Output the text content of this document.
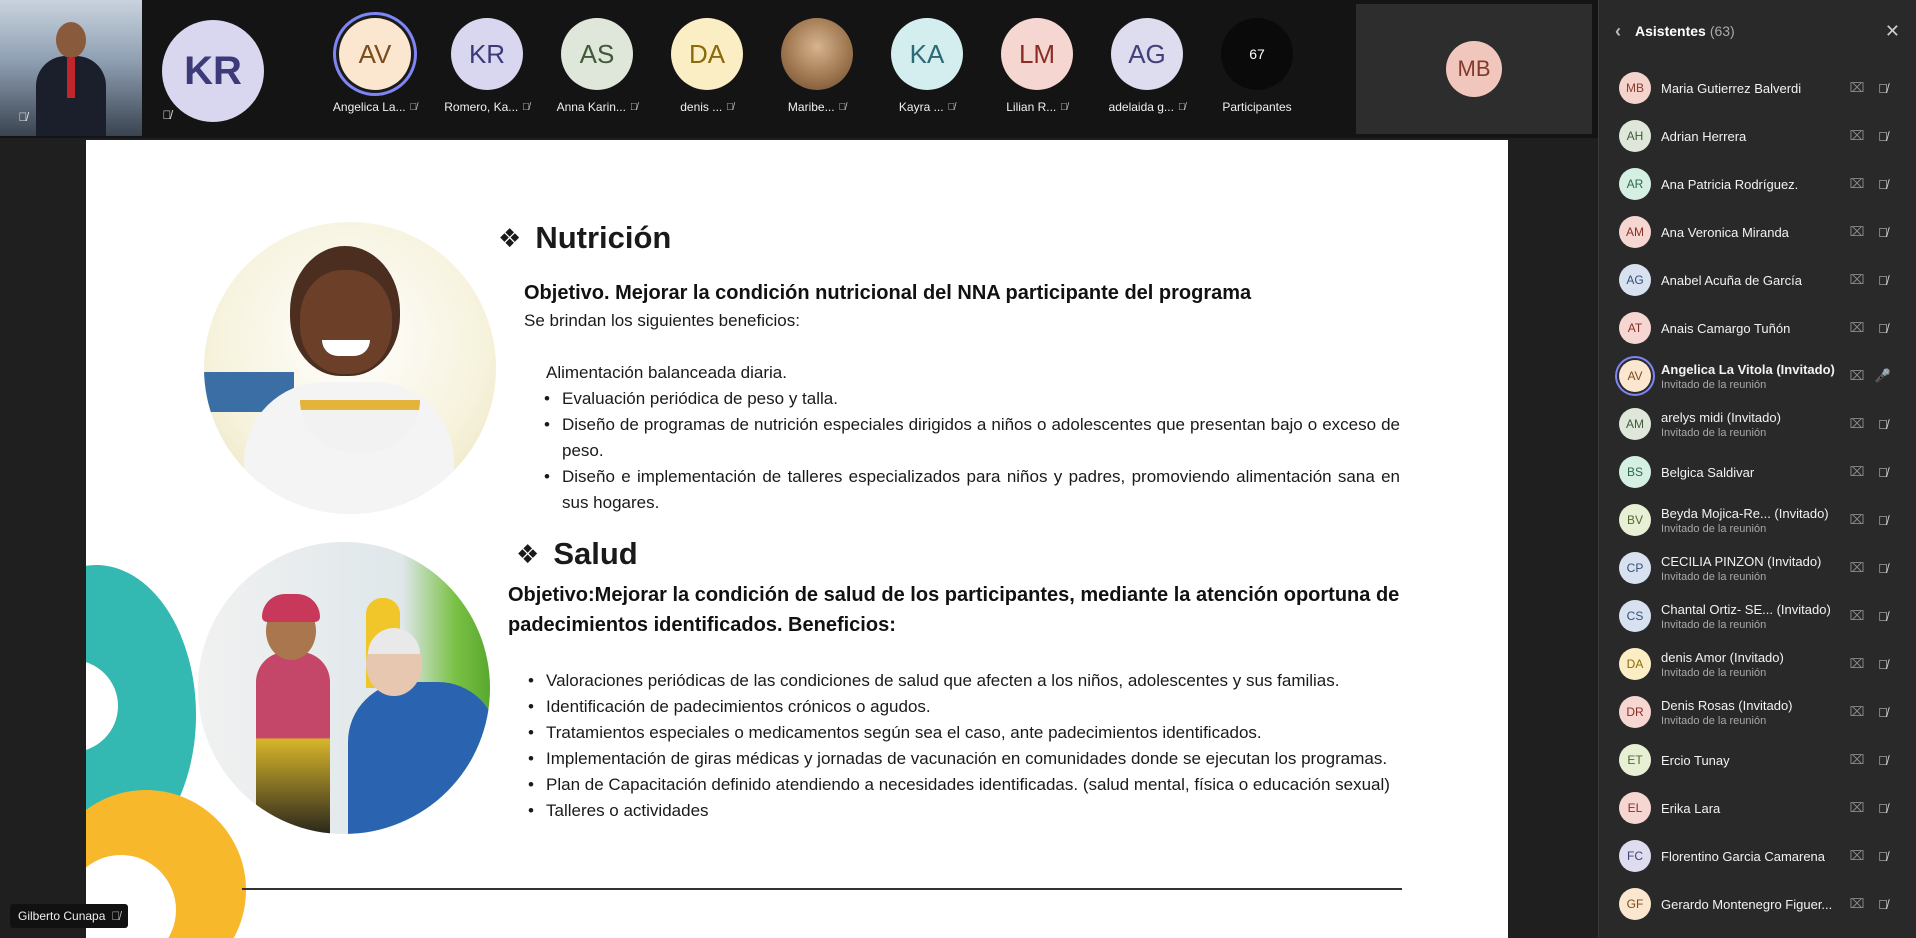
🎙̸
KR
🎙̸
AV
Angelica La... 🎙̸
KR
Romero, Ka... 🎙̸
AS
Anna Karin... 🎙̸
DA
denis ... 🎙̸	Maribe... 🎙̸
KA
Kayra ... 🎙̸
LM
Lilian R... 🎙̸
AG
adelaida g... 🎙̸
67
Participantes
MB
❖ Nutrición
Objetivo. Mejorar la condición nutricional del NNA participante del programa
Se brindan los siguientes beneficios:
Alimentación balanceada diaria.
• Evaluación periódica de peso y talla.
• Diseño de programas de nutrición especiales dirigidos a niños o adolescentes que presentan bajo o exceso de peso.
• Diseño e implementación de talleres especializados para niños y padres, promoviendo alimentación sana en sus hogares.
❖ Salud
Objetivo:Mejorar la condición de salud de los participantes, mediante la atención oportuna de padecimientos identificados. Beneficios:
• Valoraciones periódicas de las condiciones de salud que afecten a los niños, adolescentes y sus familias.
• Identificación de padecimientos crónicos o agudos.
• Tratamientos especiales o medicamentos según sea el caso, ante padecimientos identificados.
• Implementación de giras médicas y jornadas de vacunación en comunidades donde se ejecutan los programas.
• Plan de Capacitación definido atendiendo a necesidades identificadas. (salud mental, física o educación sexual)
• Talleres o actividades
Gilberto Cunapa 🎙̸
‹ Asistentes (63)	✕
MB	Maria Gutierrez Balverdi	⌧	🎙̸
AH	Adrian Herrera	⌧	🎙̸
AR	Ana Patricia Rodríguez.	⌧	🎙̸
AM	Ana Veronica Miranda	⌧	🎙̸
AG	Anabel Acuña de García	⌧	🎙̸
AT	Anais Camargo Tuñón	⌧	🎙̸
AV	Angelica La Vitola (Invitado)
Invitado de la reunión
⌧ 🎤
AM	arelys midi (Invitado)
Invitado de la reunión
⌧	🎙̸
BS	Belgica Saldivar	⌧	🎙̸
BV	Beyda Mojica-Re... (Invitado)
Invitado de la reunión
⌧	🎙̸
CP	CECILIA PINZON (Invitado)
Invitado de la reunión
⌧	🎙̸
CS	Chantal Ortiz- SE... (Invitado)
Invitado de la reunión
⌧	🎙̸
DA	denis Amor (Invitado)
Invitado de la reunión
⌧	🎙̸
DR	Denis Rosas (Invitado)
Invitado de la reunión
⌧	🎙̸
ET	Ercio Tunay	⌧	🎙̸
EL	Erika Lara	⌧	🎙̸
FC	Florentino Garcia Camarena	⌧	🎙̸
GF	Gerardo Montenegro Figuer...	⌧	🎙̸
